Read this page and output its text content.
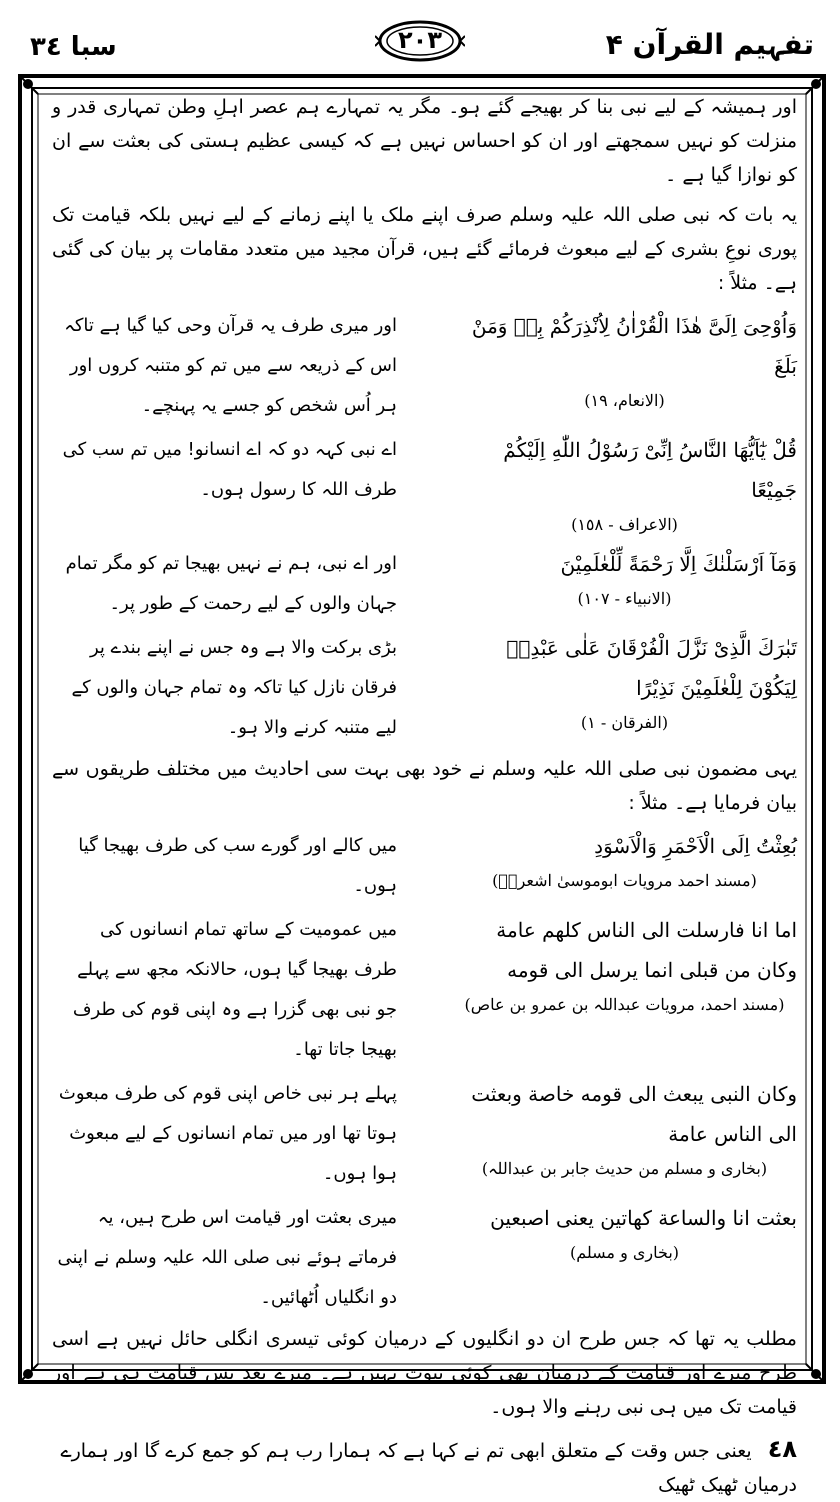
سبا ٣٤	٢٠٣	تفہیم القرآن ۴

اور ہمیشہ کے لیے نبی بنا کر بھیجے گئے ہو۔ مگر یہ تمہارے ہم عصر اہلِ وطن تمہاری قدر و منزلت کو نہیں سمجھتے اور ان کو احساس نہیں ہے کہ کیسی عظیم ہستی کی بعثت سے ان کو نوازا گیا ہے ۔

یہ بات کہ نبی صلی اللہ علیہ وسلم صرف اپنے ملک یا اپنے زمانے کے لیے نہیں بلکہ قیامت تک پوری نوعِ بشری کے لیے مبعوث فرمائے گئے ہیں، قرآن مجید میں متعدد مقامات پر بیان کی گئی ہے۔ مثلاً :

وَاُوْحِیَ اِلَیَّ هٰذَا الْقُرْاٰنُ لِاُنْذِرَكُمْ بِهٖ وَمَنْ بَلَغَ
(الانعام، ١٩)
اور میری طرف یہ قرآن وحی کیا گیا ہے تاکہ اس کے ذریعہ سے میں تم کو متنبہ کروں اور ہر اُس شخص کو جسے یہ پہنچے۔
قُلْ يٰٓاَيُّهَا النَّاسُ اِنِّىْ رَسُوْلُ اللّٰهِ اِلَيْكُمْ جَمِيْعًا
(الاعراف - ١٥٨)
اے نبی کہہ دو کہ اے انسانو! میں تم سب کی طرف اللہ کا رسول ہوں۔
وَمَآ اَرْسَلْنٰكَ اِلَّا رَحْمَةً لِّلْعٰلَمِيْنَ
(الانبیاء - ١٠٧)
اور اے نبی، ہم نے نہیں بھیجا تم کو مگر تمام جہان والوں کے لیے رحمت کے طور پر۔
تَبٰرَكَ الَّذِىْ نَزَّلَ الْفُرْقَانَ عَلٰى عَبْدِهٖ لِيَكُوْنَ لِلْعٰلَمِيْنَ نَذِيْرًا
(الفرقان - ١)
بڑی برکت والا ہے وہ جس نے اپنے بندے پر فرقان نازل کیا تاکہ وہ تمام جہان والوں کے لیے متنبہ کرنے والا ہو۔

یہی مضمون نبی صلی اللہ علیہ وسلم نے خود بھی بہت سی احادیث میں مختلف طریقوں سے بیان فرمایا ہے۔ مثلاً :

بُعِثْتُ اِلَى الْاَحْمَرِ وَالْاَسْوَدِ
(مسند احمد مرویات ابوموسیٰ اشعریؓ)
میں کالے اور گورے سب کی طرف بھیجا گیا ہوں۔
اما انا فارسلت الی الناس کلھم عامة وکان من قبلی انما یرسل الی قومه
(مسند احمد، مرویات عبداللہ بن عمرو بن عاص)
میں عمومیت کے ساتھ تمام انسانوں کی طرف بھیجا گیا ہوں، حالانکہ مجھ سے پہلے جو نبی بھی گزرا ہے وہ اپنی قوم کی طرف بھیجا جاتا تھا۔
وکان النبی یبعث الی قومه خاصة وبعثت الی الناس عامة
(بخاری و مسلم من حدیث جابر بن عبداللہ)
پہلے ہر نبی خاص اپنی قوم کی طرف مبعوث ہوتا تھا اور میں تمام انسانوں کے لیے مبعوث ہوا ہوں۔
بعثت انا والساعة کھاتین یعنی اصبعین
(بخاری و مسلم)
میری بعثت اور قیامت اس طرح ہیں، یہ فرماتے ہوئے نبی صلی اللہ علیہ وسلم نے اپنی دو انگلیاں اُٹھائیں۔

مطلب یہ تھا کہ جس طرح ان دو انگلیوں کے درمیان کوئی تیسری انگلی حائل نہیں ہے اسی طرح میرے اور قیامت کے درمیان بھی کوئی نبوت نہیں ہے۔ میرے بعد بس قیامت ہی ہے اور قیامت تک میں ہی نبی رہنے والا ہوں۔

٤٨ یعنی جس وقت کے متعلق ابھی تم نے کہا ہے کہ ہمارا رب ہم کو جمع کرے گا اور ہمارے درمیان ٹھیک ٹھیک
